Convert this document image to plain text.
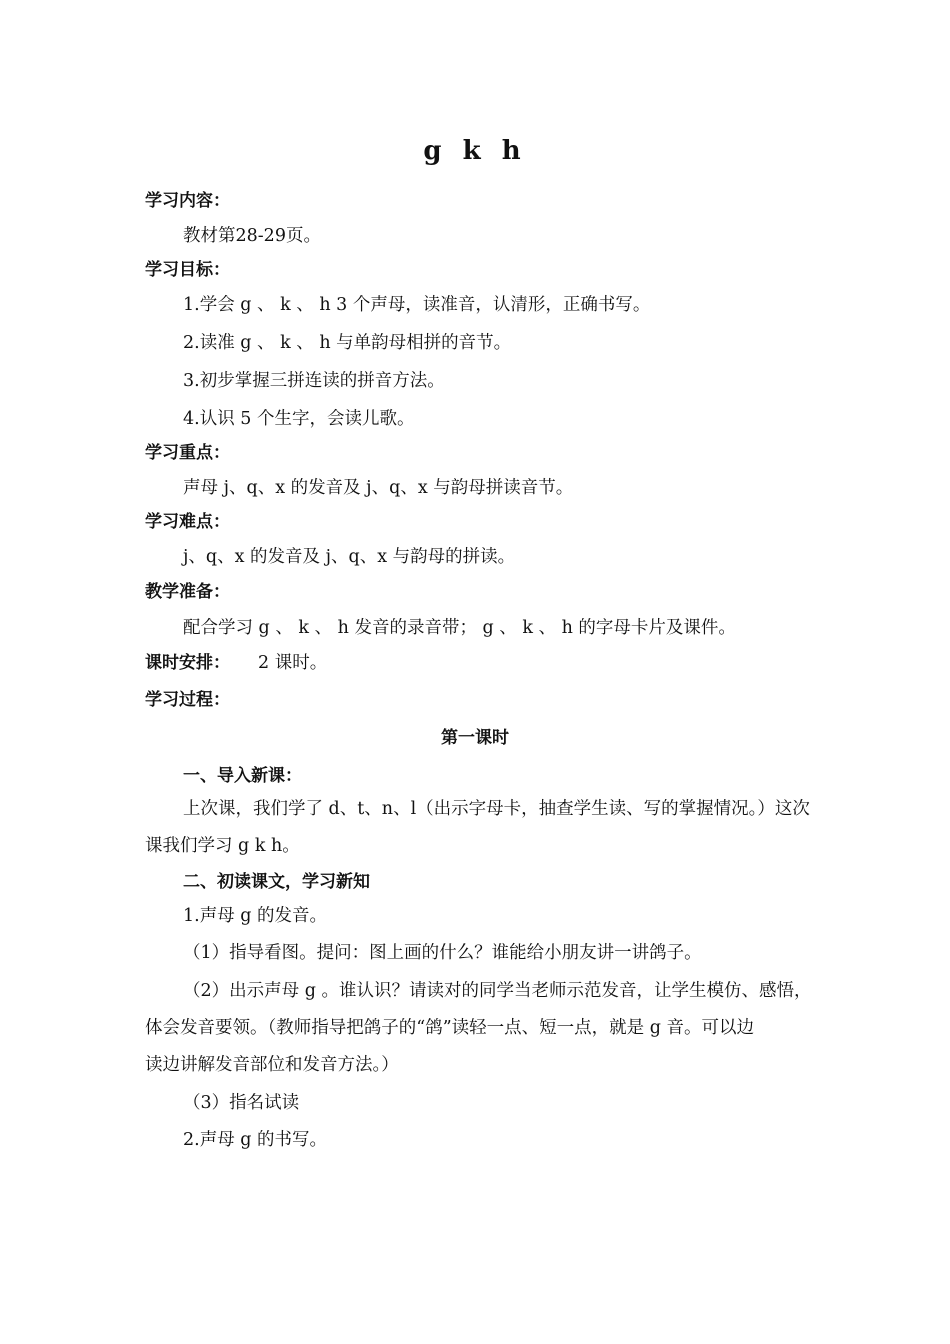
g k h
学习内容：
教材第28-29页。
学习目标：
1.学会 g 、 k 、 h 3 个声母，读准音，认清形，正确书写。
2.读准 g 、 k 、 h 与单韵母相拼的音节。
3.初步掌握三拼连读的拼音方法。
4.认识 5 个生字，会读儿歌。
学习重点：
声母 j、q、x 的发音及 j、q、x 与韵母拼读音节。
学习难点：
j、q、x 的发音及 j、q、x 与韵母的拼读。
教学准备：
配合学习 g 、 k 、 h 发音的录音带； g 、 k 、 h 的字母卡片及课件。
课时安排： 2 课时。
学习过程：
第一课时
一、导入新课：
上次课，我们学了 d、t、n、l（出示字母卡，抽查学生读、写的掌握情况。）这次
课我们学习 g k h。
二、初读课文，学习新知
1.声母 g 的发音。
（1）指导看图。提问：图上画的什么？谁能给小朋友讲一讲鸽子。
（2）出示声母 g 。谁认识？请读对的同学当老师示范发音，让学生模仿、感悟，
体会发音要领。（教师指导把鸽子的“鸽”读轻一点、短一点，就是 g 音。可以边
读边讲解发音部位和发音方法。）
（3）指名试读
2.声母 g 的书写。
